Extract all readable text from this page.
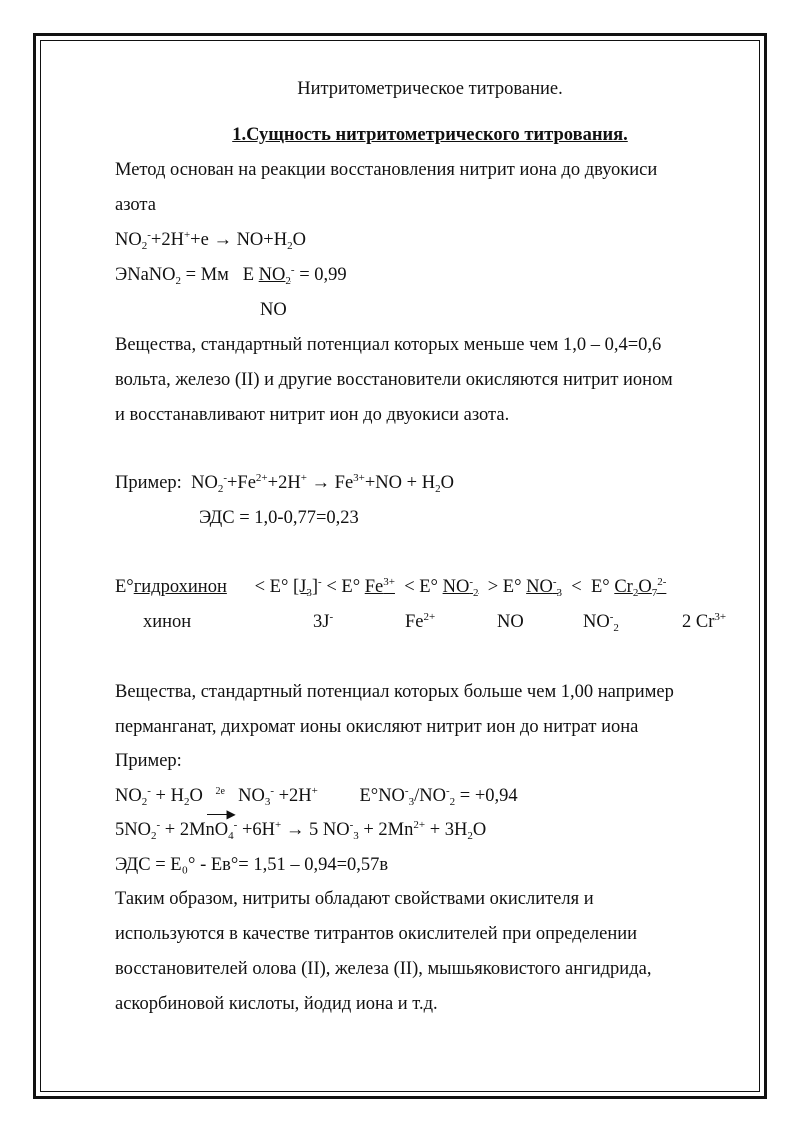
Нитритометрическое титрование.
1.Сущность нитритометрического титрования.
Метод основан на реакции восстановления нитрит иона до двуокиси
азота
$NO_2^-+2H^++e \to NO+H_2O$
ЭNaNO$_2$ = Мм E $NO_2^- = 0,99$
NO
Вещества, стандартный потенциал которых меньше чем 1,0 – 0,4=0,6
вольта, железо (II) и другие восстановители окисляются нитрит ионом
и восстанавливают нитрит ион до двуокиси азота.
Пример:  $NO_2^-+Fe^{2+}+2H^+ \to Fe^{3+}+NO + H_2O$
ЭДС = 1,0-0,77=0,23
E°гидрохинон      < E° $[J_3]^- < E^\circ$ $Fe^{3+} < E^\circ$ $NO^-_2 > E^\circ$ $NO^-_3 < E^\circ$ $Cr_2O_7^{2-}$
хинон	3J-	$Fe^{2+}$	NO	$NO^-_2$	2 $Cr^{3+}$
Вещества, стандартный потенциал которых больше чем 1,00 например
перманганат, дихромат ионы окисляют нитрит ион до нитрат иона
Пример:
$NO_2^- + H_2O$ 2e
▶
$NO_3^- +2H^+$         $E^\circ NO^-_3/NO^-_2 = +0,94$
$5NO_2^- + 2MnO_4^- +6H^+ \to 5$ $NO^-_3 + 2Mn^{2+} + 3H_2O$
ЭДС = E₀° - Eв°= 1,51 – 0,94=0,57в
Таким образом, нитриты обладают свойствами окислителя и
используются в качестве титрантов окислителей при определении
восстановителей олова (II), железа (II), мышьяковистого ангидрида,
аскорбиновой кислоты, йодид иона и т.д.
